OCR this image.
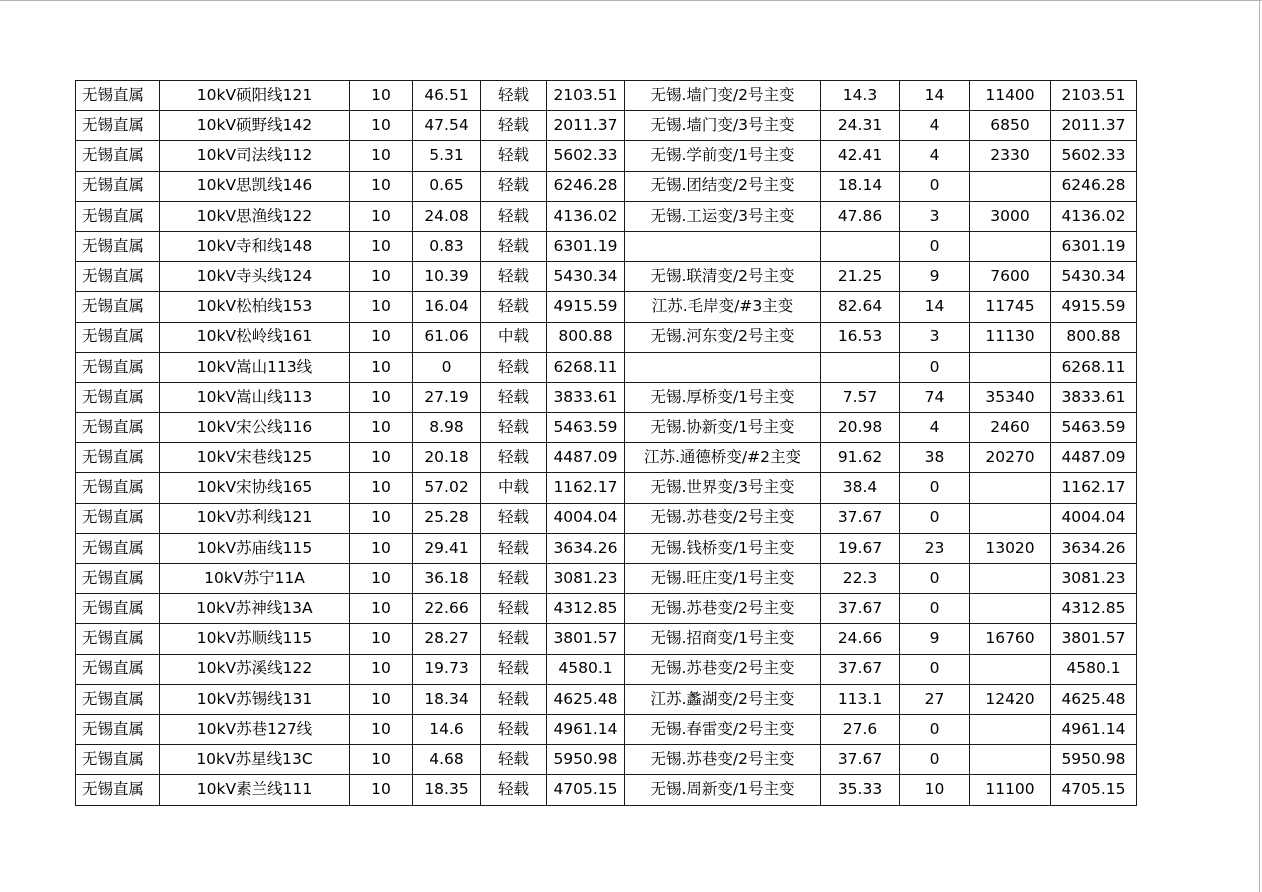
无锡直属	10kV硕阳线121	10	46.51	轻载	2103.51	无锡.墙门变/2号主变	14.3	14	11400	2103.51
无锡直属	10kV硕野线142	10	47.54	轻载	2011.37	无锡.墙门变/3号主变	24.31	4	6850	2011.37
无锡直属	10kV司法线112	10	5.31	轻载	5602.33	无锡.学前变/1号主变	42.41	4	2330	5602.33
无锡直属	10kV思凯线146	10	0.65	轻载	6246.28	无锡.团结变/2号主变	18.14	0		6246.28
无锡直属	10kV思渔线122	10	24.08	轻载	4136.02	无锡.工运变/3号主变	47.86	3	3000	4136.02
无锡直属	10kV寺和线148	10	0.83	轻载	6301.19			0		6301.19
无锡直属	10kV寺头线124	10	10.39	轻载	5430.34	无锡.联清变/2号主变	21.25	9	7600	5430.34
无锡直属	10kV松柏线153	10	16.04	轻载	4915.59	江苏.毛岸变/#3主变	82.64	14	11745	4915.59
无锡直属	10kV松岭线161	10	61.06	中载	800.88	无锡.河东变/2号主变	16.53	3	11130	800.88
无锡直属	10kV嵩山113线	10	0	轻载	6268.11			0		6268.11
无锡直属	10kV嵩山线113	10	27.19	轻载	3833.61	无锡.厚桥变/1号主变	7.57	74	35340	3833.61
无锡直属	10kV宋公线116	10	8.98	轻载	5463.59	无锡.协新变/1号主变	20.98	4	2460	5463.59
无锡直属	10kV宋巷线125	10	20.18	轻载	4487.09	江苏.通德桥变/#2主变	91.62	38	20270	4487.09
无锡直属	10kV宋协线165	10	57.02	中载	1162.17	无锡.世界变/3号主变	38.4	0		1162.17
无锡直属	10kV苏利线121	10	25.28	轻载	4004.04	无锡.苏巷变/2号主变	37.67	0		4004.04
无锡直属	10kV苏庙线115	10	29.41	轻载	3634.26	无锡.钱桥变/1号主变	19.67	23	13020	3634.26
无锡直属	10kV苏宁11A	10	36.18	轻载	3081.23	无锡.旺庄变/1号主变	22.3	0		3081.23
无锡直属	10kV苏神线13A	10	22.66	轻载	4312.85	无锡.苏巷变/2号主变	37.67	0		4312.85
无锡直属	10kV苏顺线115	10	28.27	轻载	3801.57	无锡.招商变/1号主变	24.66	9	16760	3801.57
无锡直属	10kV苏溪线122	10	19.73	轻载	4580.1	无锡.苏巷变/2号主变	37.67	0		4580.1
无锡直属	10kV苏锡线131	10	18.34	轻载	4625.48	江苏.蠡湖变/2号主变	113.1	27	12420	4625.48
无锡直属	10kV苏巷127线	10	14.6	轻载	4961.14	无锡.春雷变/2号主变	27.6	0		4961.14
无锡直属	10kV苏星线13C	10	4.68	轻载	5950.98	无锡.苏巷变/2号主变	37.67	0		5950.98
无锡直属	10kV素兰线111	10	18.35	轻载	4705.15	无锡.周新变/1号主变	35.33	10	11100	4705.15
